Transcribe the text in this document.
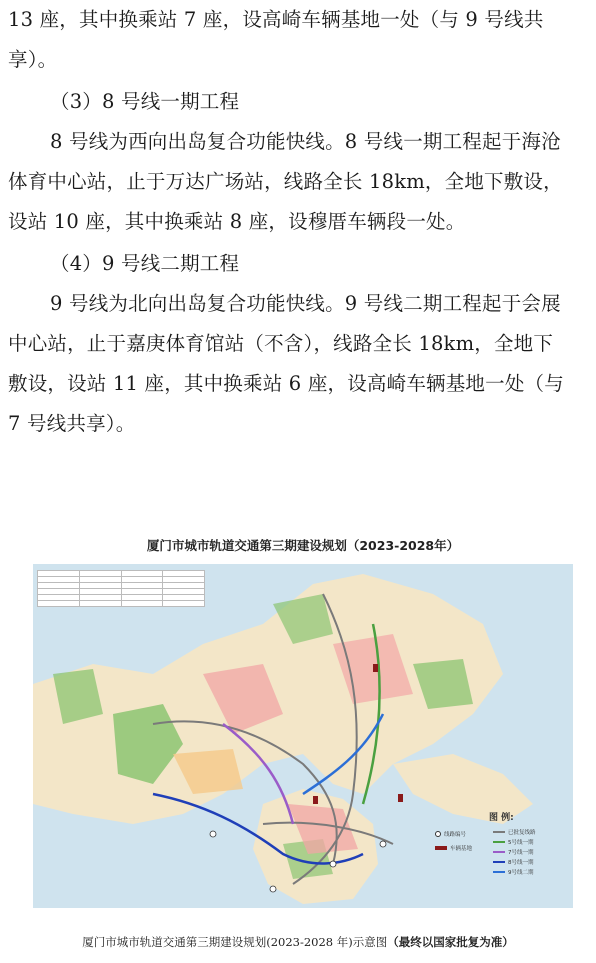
13 座，其中换乘站 7 座，设高崎车辆基地一处（与 9 号线共

享）。

（3）8 号线一期工程

8 号线为西向出岛复合功能快线。8 号线一期工程起于海沧

体育中心站，止于万达广场站，线路全长 18km，全地下敷设，

设站 10 座，其中换乘站 8 座，设穆厝车辆段一处。

（4）9 号线二期工程

9 号线为北向出岛复合功能快线。9 号线二期工程起于会展

中心站，止于嘉庚体育馆站（不含），线路全长 18km，全地下

敷设，设站 11 座，其中换乘站 6 座，设高崎车辆基地一处（与

7 号线共享）。

厦门市城市轨道交通第三期建设规划（2023-2028年）

图 例:
线路编号
车辆基地
已批复线路
5号线一期
7号线一期
8号线一期
9号线二期
厦门市城市轨道交通第三期建设规划(2023-2028 年)示意图（最终以国家批复为准）
